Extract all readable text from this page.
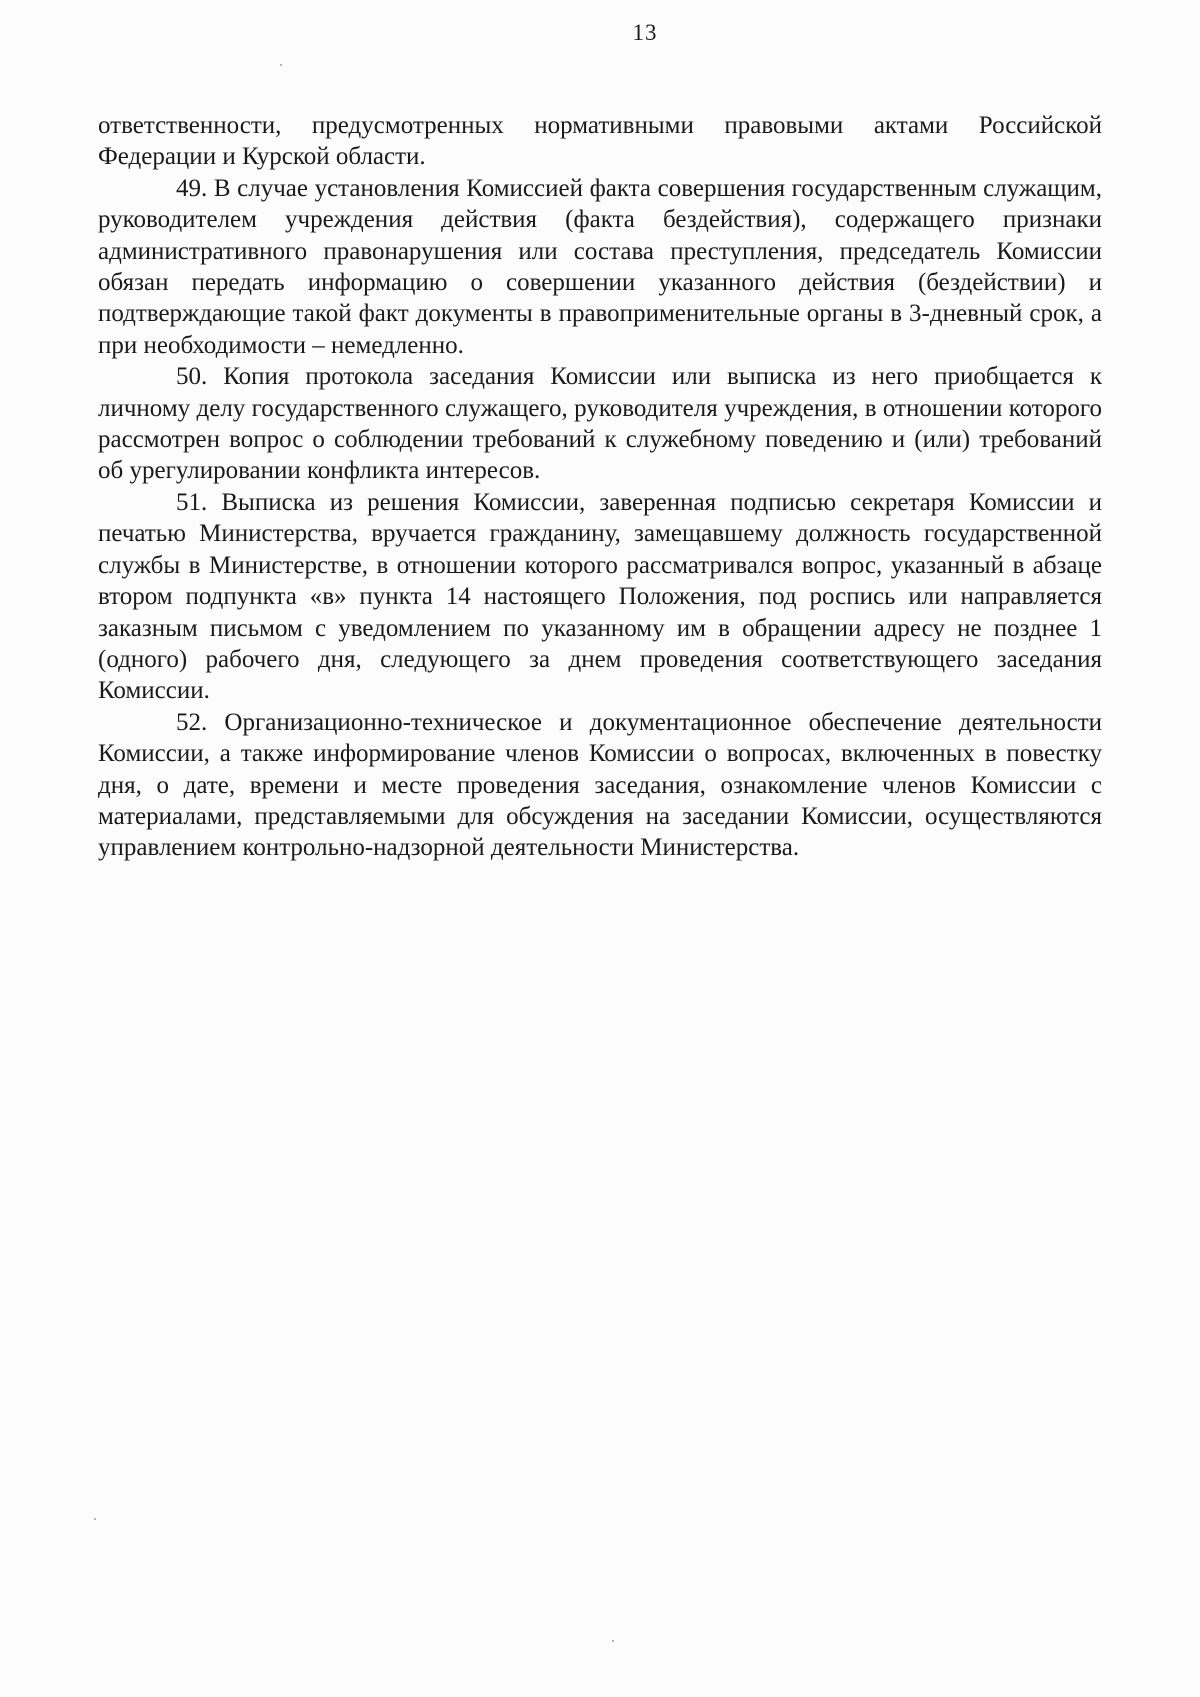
13

ответственности, предусмотренных нормативными правовыми актами Российской Федерации и Курской области.

49. В случае установления Комиссией факта совершения государственным служащим, руководителем учреждения действия (факта бездействия), содержащего признаки административного правонарушения или состава преступления, председатель Комиссии обязан передать информацию о совершении указанного действия (бездействии) и подтверждающие такой факт документы в правоприменительные органы в 3-дневный срок, а при необходимости – немедленно.

50. Копия протокола заседания Комиссии или выписка из него приобщается к личному делу государственного служащего, руководителя учреждения, в отношении которого рассмотрен вопрос о соблюдении требований к служебному поведению и (или) требований об урегулировании конфликта интересов.

51. Выписка из решения Комиссии, заверенная подписью секретаря Комиссии и печатью Министерства, вручается гражданину, замещавшему должность государственной службы в Министерстве, в отношении которого рассматривался вопрос, указанный в абзаце втором подпункта «в» пункта 14 настоящего Положения, под роспись или направляется заказным письмом с уведомлением по указанному им в обращении адресу не позднее 1 (одного) рабочего дня, следующего за днем проведения соответствующего заседания Комиссии.

52. Организационно-техническое и документационное обеспечение деятельности Комиссии, а также информирование членов Комиссии о вопросах, включенных в повестку дня, о дате, времени и месте проведения заседания, ознакомление членов Комиссии с материалами, представляемыми для обсуждения на заседании Комиссии, осуществляются управлением контрольно-надзорной деятельности Министерства.
